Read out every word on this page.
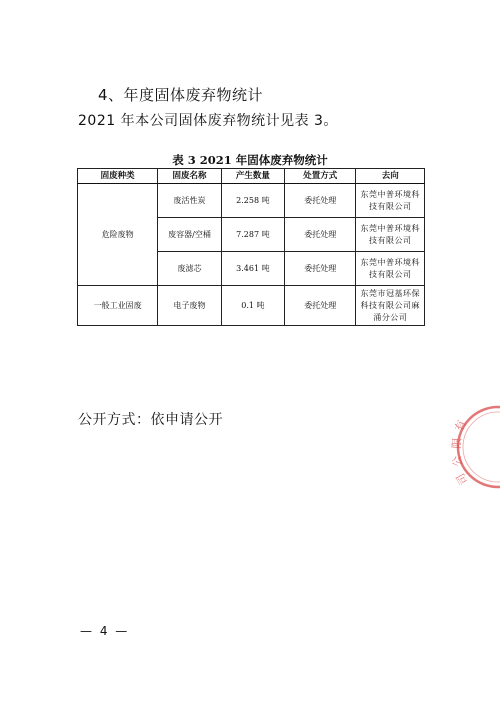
4、年度固体废弃物统计
2021 年本公司固体废弃物统计见表 3。
表 3 2021 年固体废弃物统计
固废种类	固废名称	产生数量	处置方式	去向
危险废物	废活性炭	2.258 吨	委托处理	东莞中普环境科技有限公司
	废容器/空桶	7.287 吨	委托处理	东莞中普环境科技有限公司
	废滤芯	3.461 吨	委托处理	东莞中普环境科技有限公司
一般工业固废	电子废物	0.1 吨	委托处理	东莞市冠基环保科技有限公司麻涌分公司
公开方式：依申请公开
— 4 —
有
限
公
司
